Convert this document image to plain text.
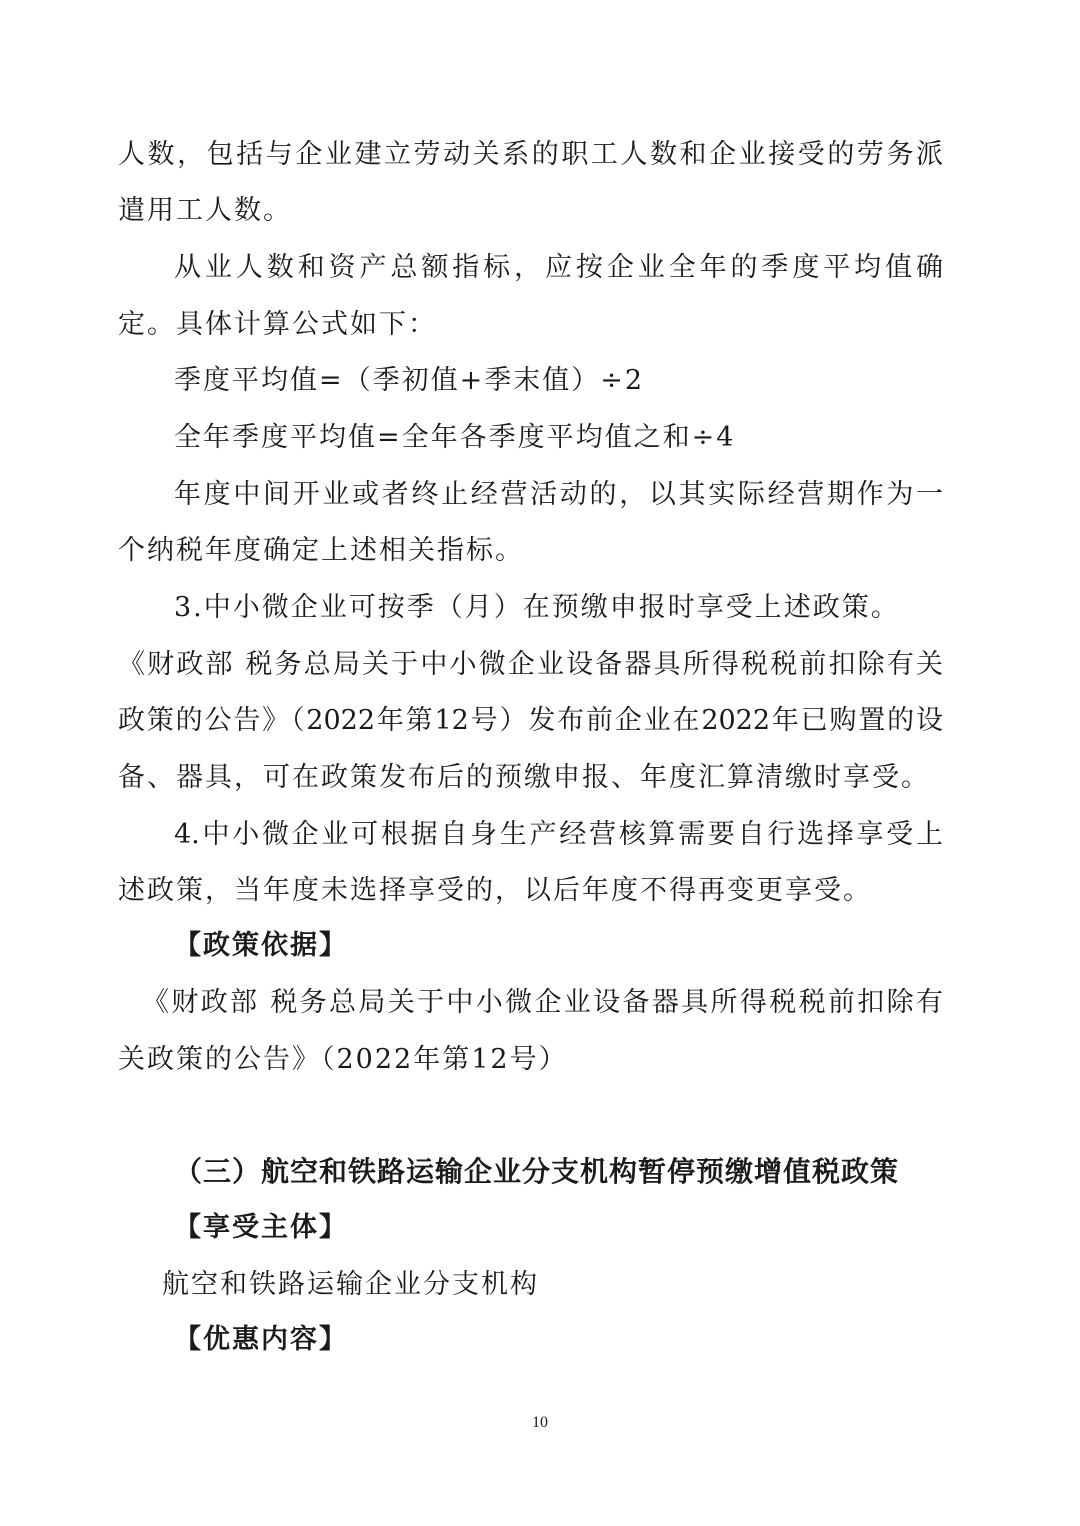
人数，包括与企业建立劳动关系的职工人数和企业接受的劳务派
遣用工人数。
从业人数和资产总额指标，应按企业全年的季度平均值确
定。具体计算公式如下：
季度平均值=（季初值+季末值）÷2
全年季度平均值=全年各季度平均值之和÷4
年度中间开业或者终止经营活动的，以其实际经营期作为一
个纳税年度确定上述相关指标。
3.中小微企业可按季（月）在预缴申报时享受上述政策。
《财政部 税务总局关于中小微企业设备器具所得税税前扣除有关
政策的公告》（2022年第12号）发布前企业在2022年已购置的设
备、器具，可在政策发布后的预缴申报、年度汇算清缴时享受。
4.中小微企业可根据自身生产经营核算需要自行选择享受上
述政策，当年度未选择享受的，以后年度不得再变更享受。
【政策依据】
《财政部 税务总局关于中小微企业设备器具所得税税前扣除有
关政策的公告》（2022年第12号）
（三）航空和铁路运输企业分支机构暂停预缴增值税政策
【享受主体】
航空和铁路运输企业分支机构
【优惠内容】
10
